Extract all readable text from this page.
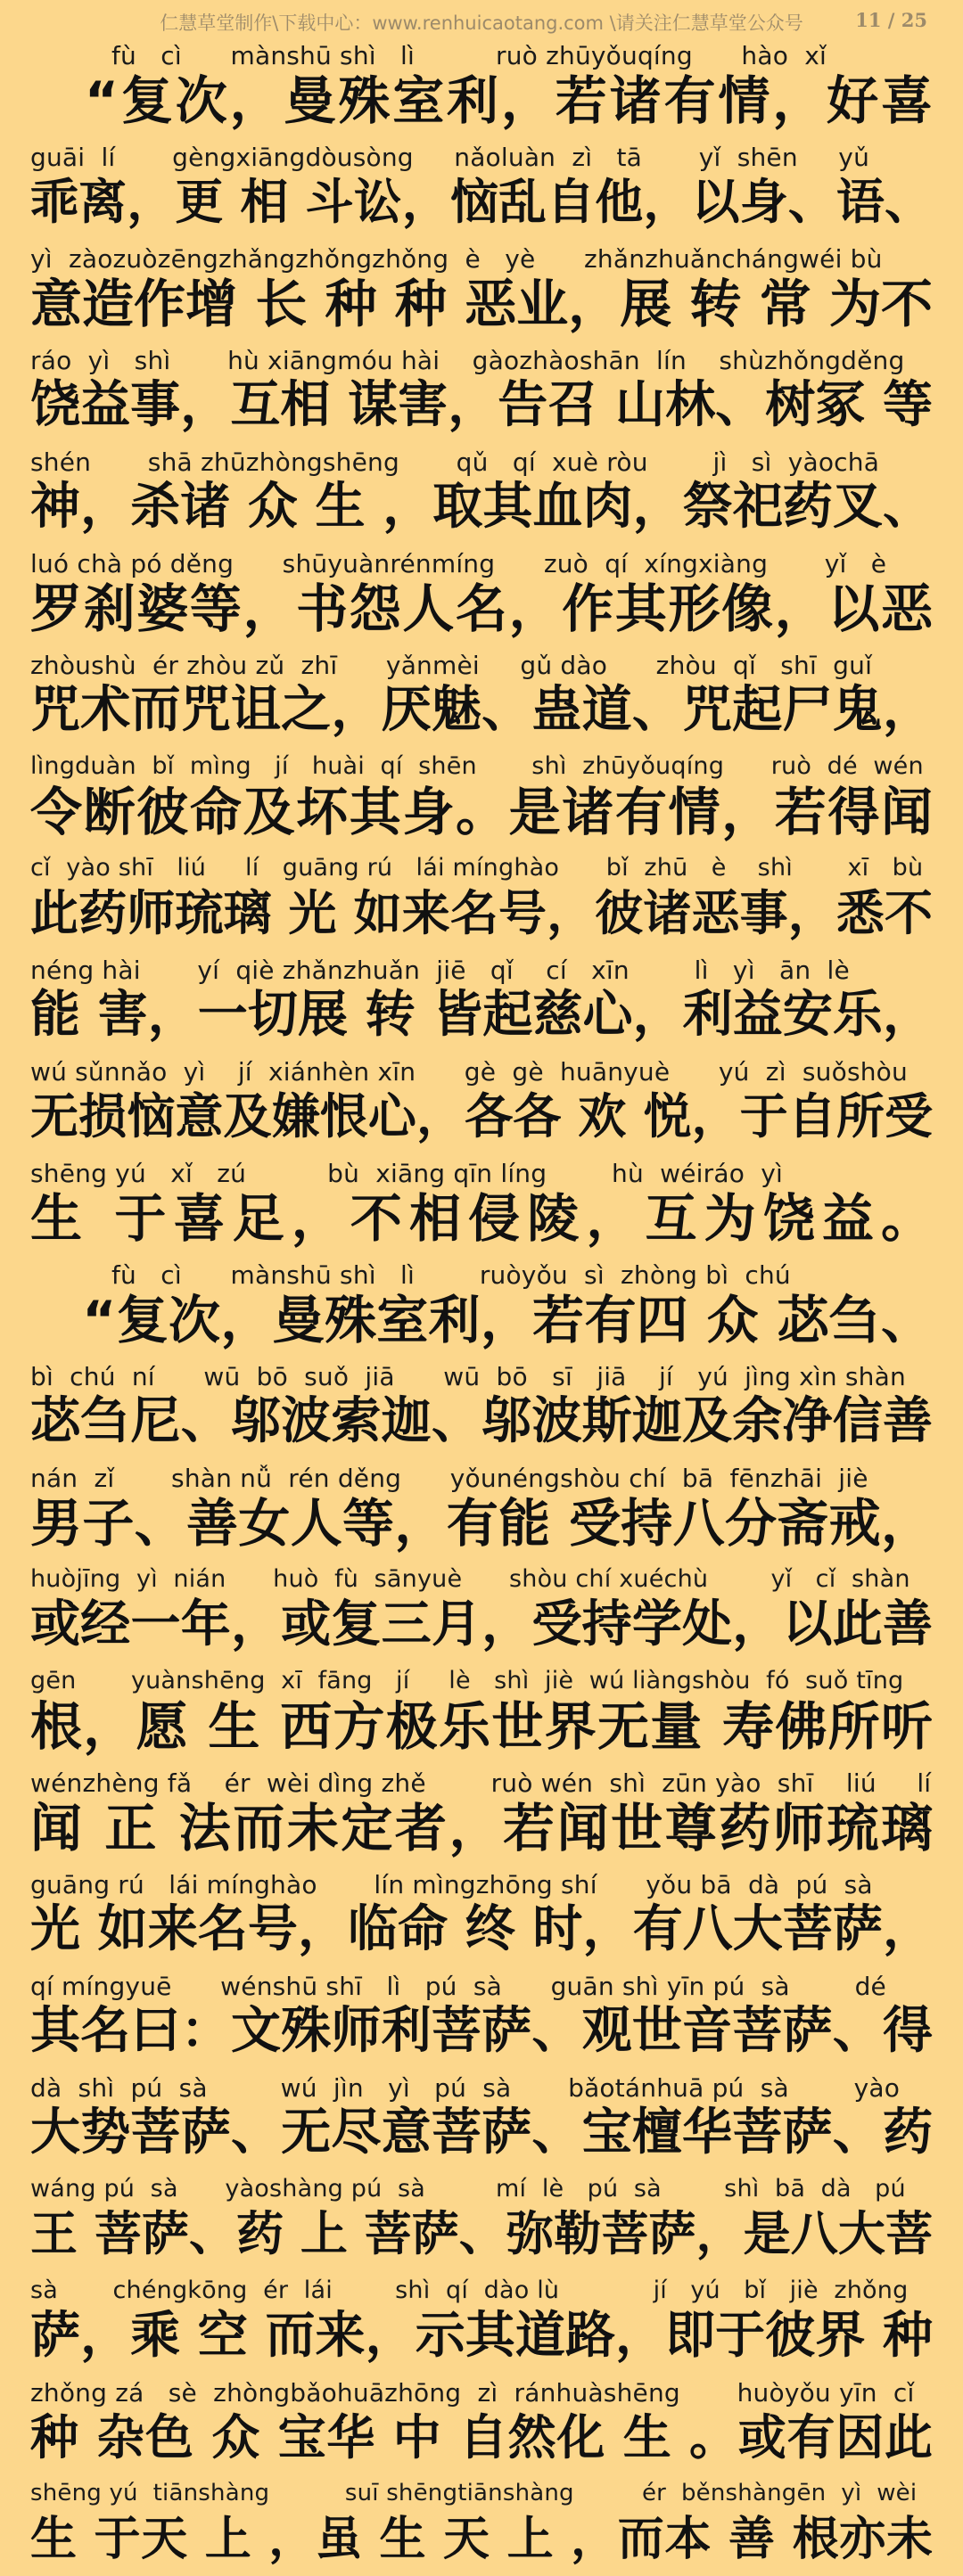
仁慧草堂制作\下载中心：www.renhuicaotang.com \请关注仁慧草堂公众号	11 / 25
fù   cì      mànshū shì   lì          ruò zhūyǒuqíng      hào  xǐ
　“复次，曼殊室利，若诸有情，好喜
guāi  lí       gèngxiāngdòusòng     nǎoluàn  zì   tā       yǐ  shēn     yǔ
乖离，更 相 斗讼，恼乱自他，以身、语、
yì  zàozuòzēngzhǎngzhǒngzhǒng  è   yè      zhǎnzhuǎnchángwéi bù
意造作增 长 种 种 恶业，展 转 常 为不
ráo  yì   shì       hù xiāngmóu hài    gàozhàoshān  lín    shùzhǒngděng
饶益事，互相 谋害，告召 山林、树冢 等
shén       shā zhūzhòngshēng       qǔ   qí  xuè ròu        jì   sì  yàochā
神，杀诸 众 生 ，取其血肉，祭祀药叉、
luó chà pó děng      shūyuànrénmíng      zuò  qí  xíngxiàng       yǐ   è
罗刹婆等，书怨人名，作其形像，以恶
zhòushù  ér zhòu zǔ  zhī      yǎnmèi     gǔ dào      zhòu  qǐ   shī  guǐ
咒术而咒诅之，厌魅、蛊道、咒起尸鬼，
lìngduàn  bǐ  mìng   jí   huài  qí  shēn       shì  zhūyǒuqíng      ruò  dé  wén
令断彼命及坏其身。是诸有情，若得闻
cǐ  yào shī   liú     lí   guāng rú   lái mínghào      bǐ  zhū   è    shì       xī   bù
此药师琉璃 光 如来名号，彼诸恶事，悉不
néng hài       yí  qiè zhǎnzhuǎn  jiē   qǐ    cí   xīn        lì   yì   ān  lè
能 害，一切展 转 皆起慈心，利益安乐，
wú sǔnnǎo  yì    jí  xiánhèn xīn      gè  gè  huānyuè      yú  zì  suǒshòu
无损恼意及嫌恨心，各各 欢 悦，于自所受
shēng yú   xǐ   zú          bù  xiāng qīn líng        hù  wéiráo  yì
生 于喜足，不相侵陵，互为饶益。
fù   cì      mànshū shì   lì        ruòyǒu  sì  zhòng bì  chú
　“复次，曼殊室利，若有四 众 苾刍、
bì  chú  ní      wū  bō  suǒ  jiā      wū  bō   sī   jiā    jí   yú  jìng xìn shàn
苾刍尼、邬波索迦、邬波斯迦及余净信善
nán  zǐ       shàn nǚ  rén děng      yǒunéngshòu chí  bā  fēnzhāi  jiè
男子、善女人等，有能 受持八分斋戒，
huòjīng  yì  nián      huò  fù  sānyuè      shòu chí xuéchù        yǐ   cǐ  shàn
或经一年，或复三月，受持学处，以此善
gēn       yuànshēng  xī  fāng   jí     lè   shì  jiè  wú liàngshòu  fó  suǒ tīng
根，愿 生 西方极乐世界无量 寿佛所听
wénzhèng fǎ    ér  wèi dìng zhě        ruò wén  shì  zūn yào  shī    liú     lí
闻 正 法而未定者，若闻世尊药师琉璃
guāng rú   lái mínghào       lín mìngzhōng shí      yǒu bā  dà  pú  sà
光 如来名号，临命 终 时，有八大菩萨，
qí míngyuē      wénshū shī   lì   pú  sà      guān shì yīn pú  sà        dé
其名曰：文殊师利菩萨、观世音菩萨、得
dà  shì  pú  sà         wú  jìn   yì   pú  sà       bǎotánhuā pú  sà        yào
大势菩萨、无尽意菩萨、宝檀华菩萨、药
wáng pú  sà      yàoshàng pú  sà         mí  lè   pú  sà        shì  bā  dà   pú
王 菩萨、药 上 菩萨、弥勒菩萨，是八大菩
sà       chéngkōng  ér  lái        shì  qí  dào lù            jí   yú   bǐ   jiè  zhǒng
萨，乘 空 而来，示其道路，即于彼界 种
zhǒng zá   sè  zhòngbǎohuāzhōng  zì  ránhuàshēng       huòyǒu yīn  cǐ
种 杂色 众 宝华 中 自然化 生 。或有因此
shēng yú  tiānshàng          suī shēngtiānshàng         ér  běnshàngēn  yì  wèi
生 于天 上 ，虽 生 天 上 ，而本 善 根亦未
